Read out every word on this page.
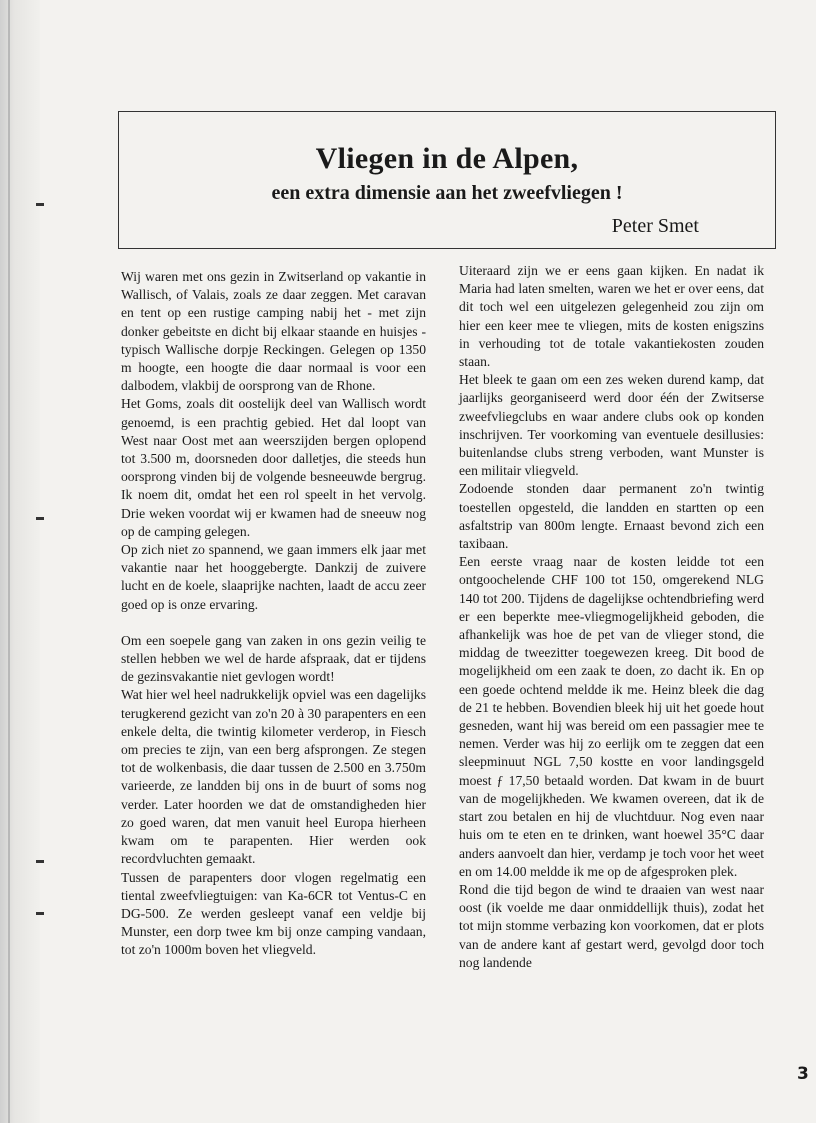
Vliegen in de Alpen,
een extra dimensie aan het zweefvliegen !
Peter Smet

Wij waren met ons gezin in Zwitserland op vakantie in Wallisch, of Valais, zoals ze daar zeggen. Met caravan en tent op een rustige camping nabij het - met zijn donker gebeitste en dicht bij elkaar staande en huisjes - typisch Wallische dorpje Reckingen. Gelegen op 1350 m hoogte, een hoogte die daar normaal is voor een dalbodem, vlakbij de oorsprong van de Rhone.

Het Goms, zoals dit oostelijk deel van Wallisch wordt genoemd, is een prachtig gebied. Het dal loopt van West naar Oost met aan weerszijden bergen oplopend tot 3.500 m, doorsneden door dalletjes, die steeds hun oorsprong vinden bij de volgende besneeuwde bergrug. Ik noem dit, omdat het een rol speelt in het vervolg. Drie weken voordat wij er kwamen had de sneeuw nog op de camping gelegen.

Op zich niet zo spannend, we gaan immers elk jaar met vakantie naar het hooggebergte. Dankzij de zuivere lucht en de koele, slaaprijke nachten, laadt de accu zeer goed op is onze ervaring.

Om een soepele gang van zaken in ons gezin veilig te stellen hebben we wel de harde afspraak, dat er tijdens de gezinsvakantie niet gevlogen wordt!

Wat hier wel heel nadrukkelijk opviel was een dagelijks terugkerend gezicht van zo'n 20 à 30 parapenters en een enkele delta, die twintig kilometer verderop, in Fiesch om precies te zijn, van een berg afsprongen. Ze stegen tot de wolkenbasis, die daar tussen de 2.500 en 3.750m varieerde, ze landden bij ons in de buurt of soms nog verder. Later hoorden we dat de omstandigheden hier zo goed waren, dat men vanuit heel Europa hierheen kwam om te parapenten. Hier werden ook recordvluchten gemaakt.

Tussen de parapenters door vlogen regelmatig een tiental zweefvliegtuigen: van Ka-6CR tot Ventus-C en DG-500. Ze werden gesleept vanaf een veldje bij Munster, een dorp twee km bij onze camping vandaan, tot zo'n 1000m boven het vliegveld.

Uiteraard zijn we er eens gaan kijken. En nadat ik Maria had laten smelten, waren we het er over eens, dat dit toch wel een uitgelezen gelegenheid zou zijn om hier een keer mee te vliegen, mits de kosten enigszins in verhouding tot de totale vakantiekosten zouden staan.

Het bleek te gaan om een zes weken durend kamp, dat jaarlijks georganiseerd werd door één der Zwitserse zweefvliegclubs en waar andere clubs ook op konden inschrijven. Ter voorkoming van eventuele desillusies: buitenlandse clubs streng verboden, want Munster is een militair vliegveld.

Zodoende stonden daar permanent zo'n twintig toestellen opgesteld, die landden en startten op een asfaltstrip van 800m lengte. Ernaast bevond zich een taxibaan.

Een eerste vraag naar de kosten leidde tot een ontgoochelende CHF 100 tot 150, omgerekend NLG 140 tot 200. Tijdens de dagelijkse ochtendbriefing werd er een beperkte mee-vliegmogelijkheid geboden, die afhankelijk was hoe de pet van de vlieger stond, die middag de tweezitter toegewezen kreeg. Dit bood de mogelijkheid om een zaak te doen, zo dacht ik. En op een goede ochtend meldde ik me. Heinz bleek die dag de 21 te hebben. Bovendien bleek hij uit het goede hout gesneden, want hij was bereid om een passagier mee te nemen. Verder was hij zo eerlijk om te zeggen dat een sleepminuut NGL 7,50 kostte en voor landingsgeld moest ƒ 17,50 betaald worden. Dat kwam in de buurt van de mogelijkheden. We kwamen overeen, dat ik de start zou betalen en hij de vluchtduur. Nog even naar huis om te eten en te drinken, want hoewel 35°C daar anders aanvoelt dan hier, verdamp je toch voor het weet en om 14.00 meldde ik me op de afgesproken plek.

Rond die tijd begon de wind te draaien van west naar oost (ik voelde me daar onmiddellijk thuis), zodat het tot mijn stomme verbazing kon voorkomen, dat er plots van de andere kant af gestart werd, gevolgd door toch nog landende

3
